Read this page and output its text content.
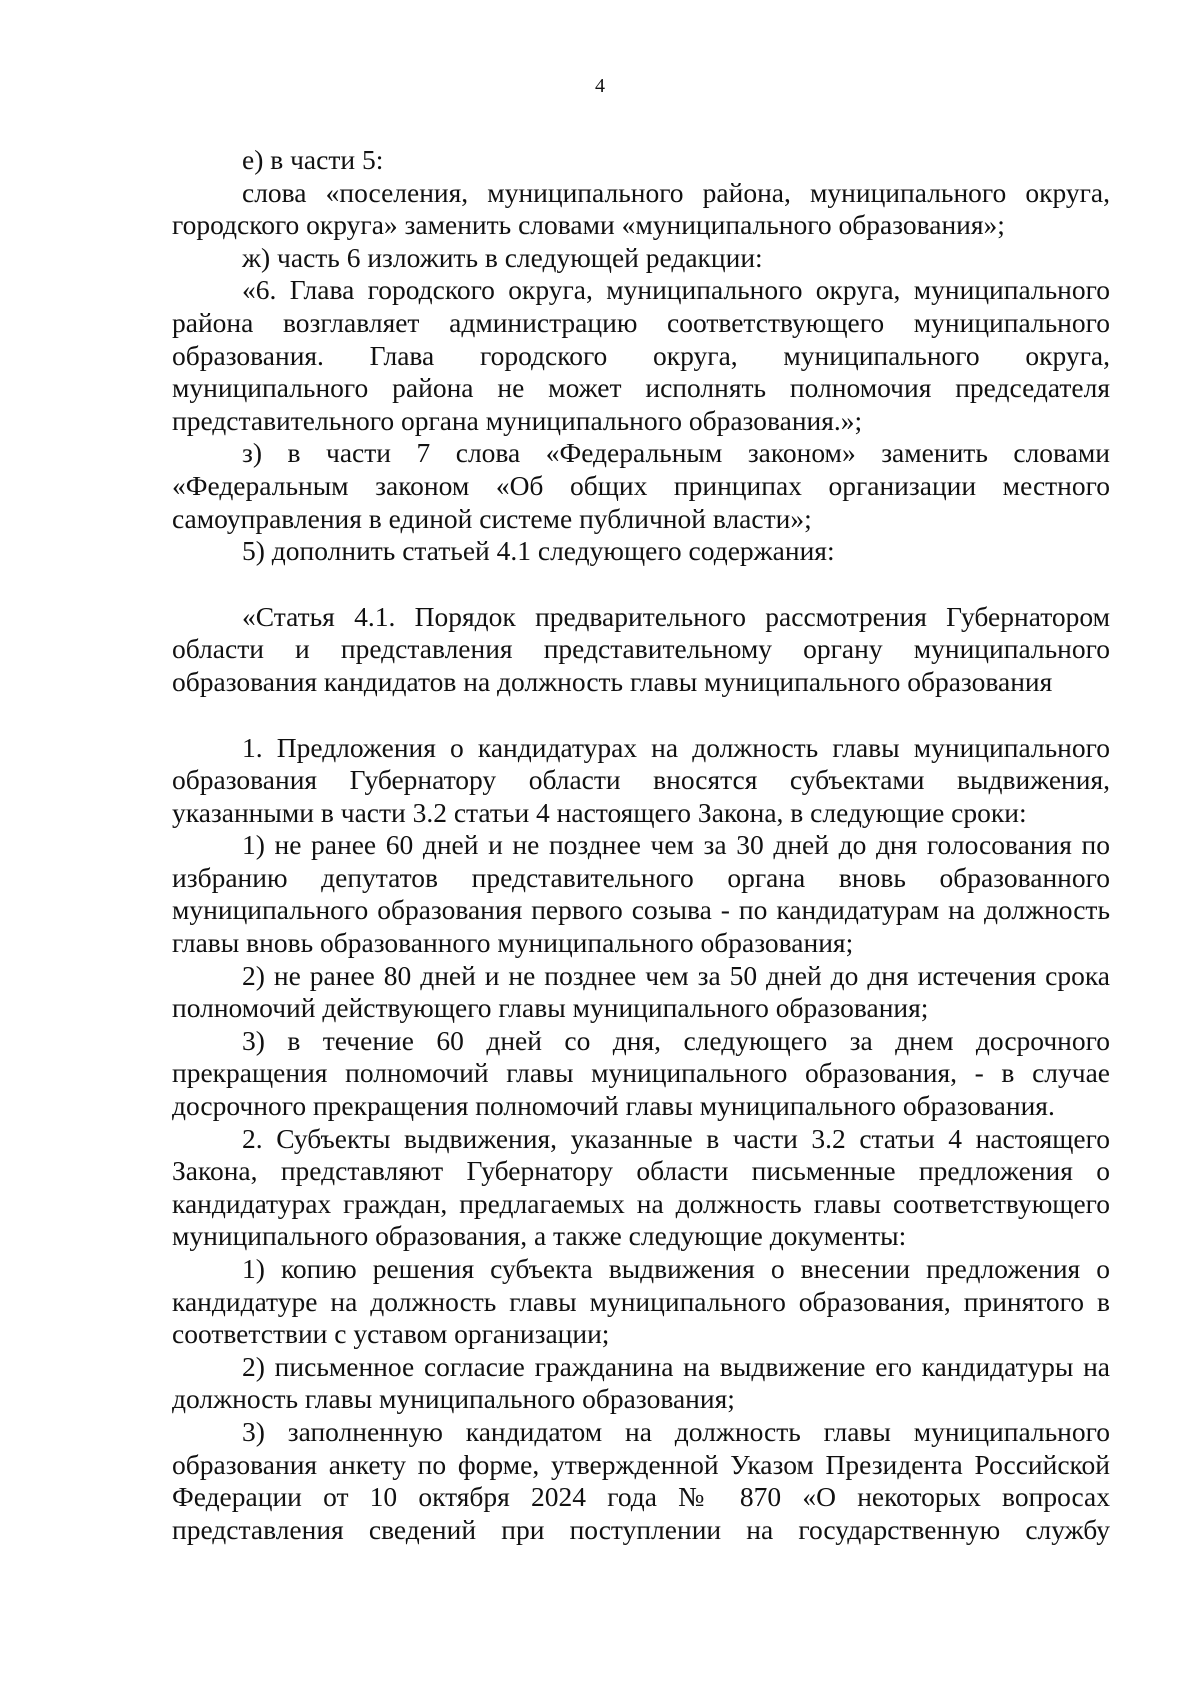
4

е) в части 5:

слова «поселения, муниципального района, муниципального округа, городского округа» заменить словами «муниципального образования»;

ж) часть 6 изложить в следующей редакции:

«6. Глава городского округа, муниципального округа, муниципального района возглавляет администрацию соответствующего муниципального образования. Глава городского округа, муниципального округа, муниципального района не может исполнять полномочия председателя представительного органа муниципального образования.»;

з) в части 7 слова «Федеральным законом» заменить словами «Федеральным законом «Об общих принципах организации местного самоуправления в единой системе публичной власти»;

5) дополнить статьей 4.1 следующего содержания:

«Статья 4.1. Порядок предварительного рассмотрения Губернатором области и представления представительному органу муниципального образования кандидатов на должность главы муниципального образования

1. Предложения о кандидатурах на должность главы муниципального образования Губернатору области вносятся субъектами выдвижения, указанными в части 3.2 статьи 4 настоящего Закона, в следующие сроки:

1) не ранее 60 дней и не позднее чем за 30 дней до дня голосования по избранию депутатов представительного органа вновь образованного муниципального образования первого созыва - по кандидатурам на должность главы вновь образованного муниципального образования;

2) не ранее 80 дней и не позднее чем за 50 дней до дня истечения срока полномочий действующего главы муниципального образования;

3) в течение 60 дней со дня, следующего за днем досрочного прекращения полномочий главы муниципального образования, - в случае досрочного прекращения полномочий главы муниципального образования.

2. Субъекты выдвижения, указанные в части 3.2 статьи 4 настоящего Закона, представляют Губернатору области письменные предложения о кандидатурах граждан, предлагаемых на должность главы соответствующего муниципального образования, а также следующие документы:

1) копию решения субъекта выдвижения о внесении предложения о кандидатуре на должность главы муниципального образования, принятого в соответствии с уставом организации;

2) письменное согласие гражданина на выдвижение его кандидатуры на должность главы муниципального образования;

3) заполненную кандидатом на должность главы муниципального образования анкету по форме, утвержденной Указом Президента Российской Федерации от 10 октября 2024 года № 870 «О некоторых вопросах представления сведений при поступлении на государственную службу
